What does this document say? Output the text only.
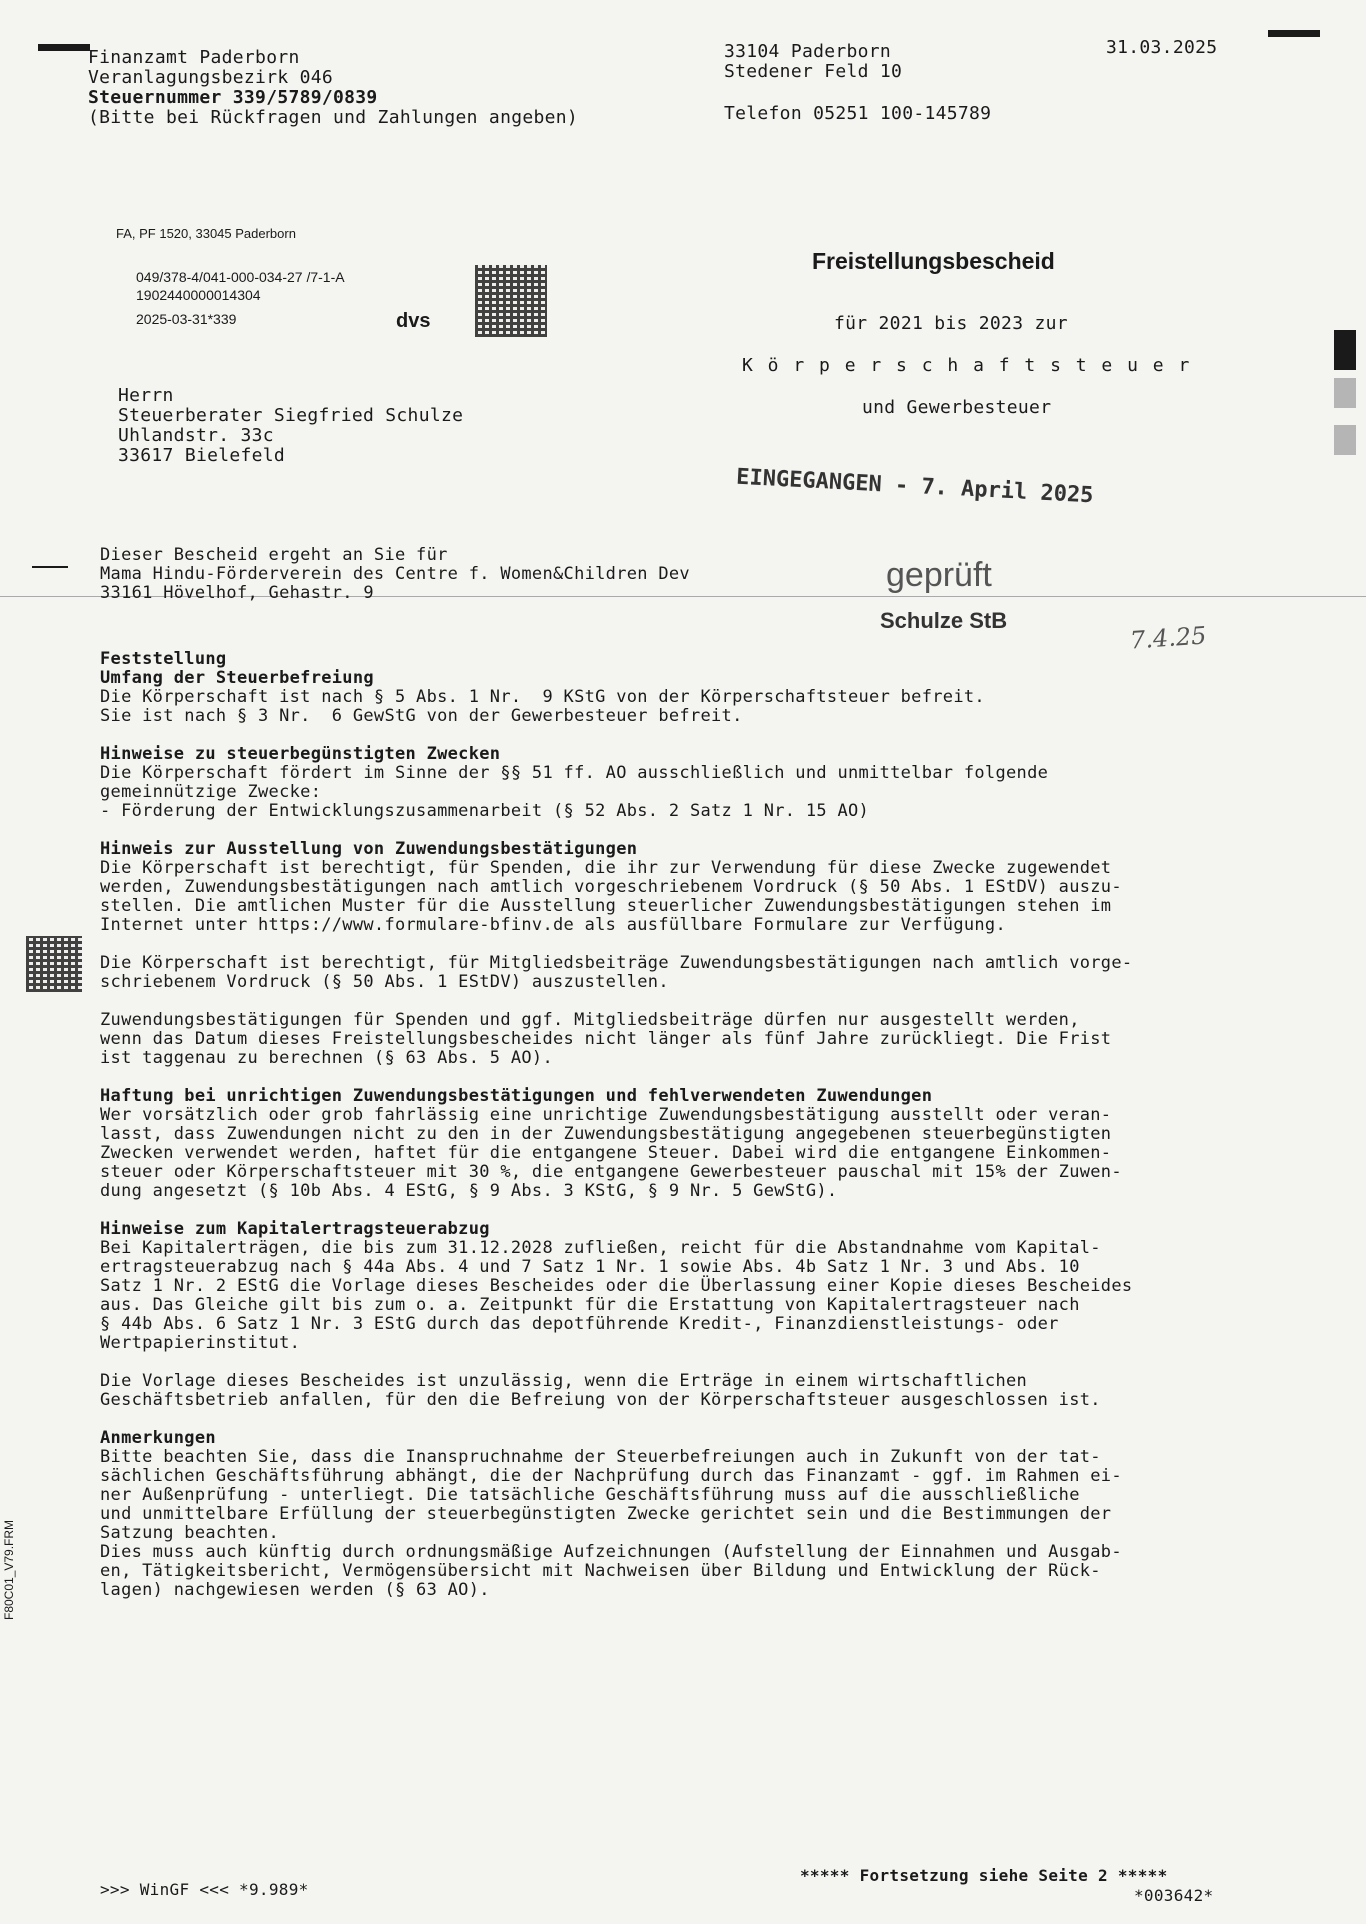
Finanzamt Paderborn
Veranlagungsbezirk 046
Steuernummer 339/5789/0839
(Bitte bei Rückfragen und Zahlungen angeben)
33104 Paderborn
Stedener Feld 10
Telefon 05251 100-145789
31.03.2025
FA, PF 1520, 33045 Paderborn
049/378-4/041-000-034-27 /7-1-A
1902440000014304
2025-03-31*339	dvs
Freistellungsbescheid
für 2021 bis 2023 zur
K ö r p e r s c h a f t s t e u e r
und Gewerbesteuer
Herrn
Steuerberater Siegfried Schulze
Uhlandstr. 33c
33617 Bielefeld
EINGEGANGEN - 7. April 2025
geprüft
Schulze StB
7.4.25
Dieser Bescheid ergeht an Sie für
Mama Hindu-Förderverein des Centre f. Women&Children Dev
33161 Hövelhof, Gehastr. 9

Feststellung

Umfang der Steuerbefreiung

Die Körperschaft ist nach § 5 Abs. 1 Nr.  9 KStG von der Körperschaftsteuer befreit.
Sie ist nach § 3 Nr.  6 GewStG von der Gewerbesteuer befreit.

Hinweise zu steuerbegünstigten Zwecken

Die Körperschaft fördert im Sinne der §§ 51 ff. AO ausschließlich und unmittelbar folgende
gemeinnützige Zwecke:
- Förderung der Entwicklungszusammenarbeit (§ 52 Abs. 2 Satz 1 Nr. 15 AO)

Hinweis zur Ausstellung von Zuwendungsbestätigungen

Die Körperschaft ist berechtigt, für Spenden, die ihr zur Verwendung für diese Zwecke zugewendet
werden, Zuwendungsbestätigungen nach amtlich vorgeschriebenem Vordruck (§ 50 Abs. 1 EStDV) auszu-
stellen. Die amtlichen Muster für die Ausstellung steuerlicher Zuwendungsbestätigungen stehen im
Internet unter https://www.formulare-bfinv.de als ausfüllbare Formulare zur Verfügung.

Die Körperschaft ist berechtigt, für Mitgliedsbeiträge Zuwendungsbestätigungen nach amtlich vorge-
schriebenem Vordruck (§ 50 Abs. 1 EStDV) auszustellen.

Zuwendungsbestätigungen für Spenden und ggf. Mitgliedsbeiträge dürfen nur ausgestellt werden,
wenn das Datum dieses Freistellungsbescheides nicht länger als fünf Jahre zurückliegt. Die Frist
ist taggenau zu berechnen (§ 63 Abs. 5 AO).

Haftung bei unrichtigen Zuwendungsbestätigungen und fehlverwendeten Zuwendungen

Wer vorsätzlich oder grob fahrlässig eine unrichtige Zuwendungsbestätigung ausstellt oder veran-
lasst, dass Zuwendungen nicht zu den in der Zuwendungsbestätigung angegebenen steuerbegünstigten
Zwecken verwendet werden, haftet für die entgangene Steuer. Dabei wird die entgangene Einkommen-
steuer oder Körperschaftsteuer mit 30 %, die entgangene Gewerbesteuer pauschal mit 15% der Zuwen-
dung angesetzt (§ 10b Abs. 4 EStG, § 9 Abs. 3 KStG, § 9 Nr. 5 GewStG).

Hinweise zum Kapitalertragsteuerabzug

Bei Kapitalerträgen, die bis zum 31.12.2028 zufließen, reicht für die Abstandnahme vom Kapital-
ertragsteuerabzug nach § 44a Abs. 4 und 7 Satz 1 Nr. 1 sowie Abs. 4b Satz 1 Nr. 3 und Abs. 10
Satz 1 Nr. 2 EStG die Vorlage dieses Bescheides oder die Überlassung einer Kopie dieses Bescheides
aus. Das Gleiche gilt bis zum o. a. Zeitpunkt für die Erstattung von Kapitalertragsteuer nach
§ 44b Abs. 6 Satz 1 Nr. 3 EStG durch das depotführende Kredit-, Finanzdienstleistungs- oder
Wertpapierinstitut.

Die Vorlage dieses Bescheides ist unzulässig, wenn die Erträge in einem wirtschaftlichen
Geschäftsbetrieb anfallen, für den die Befreiung von der Körperschaftsteuer ausgeschlossen ist.

Anmerkungen

Bitte beachten Sie, dass die Inanspruchnahme der Steuerbefreiungen auch in Zukunft von der tat-
sächlichen Geschäftsführung abhängt, die der Nachprüfung durch das Finanzamt - ggf. im Rahmen ei-
ner Außenprüfung - unterliegt. Die tatsächliche Geschäftsführung muss auf die ausschließliche
und unmittelbare Erfüllung der steuerbegünstigten Zwecke gerichtet sein und die Bestimmungen der
Satzung beachten.
Dies muss auch künftig durch ordnungsmäßige Aufzeichnungen (Aufstellung der Einnahmen und Ausgab-
en, Tätigkeitsbericht, Vermögensübersicht mit Nachweisen über Bildung und Entwicklung der Rück-
lagen) nachgewiesen werden (§ 63 AO).

F80C01_V79.FRM
>>> WinGF <<< *9.989*
***** Fortsetzung siehe Seite 2 *****
*003642*
